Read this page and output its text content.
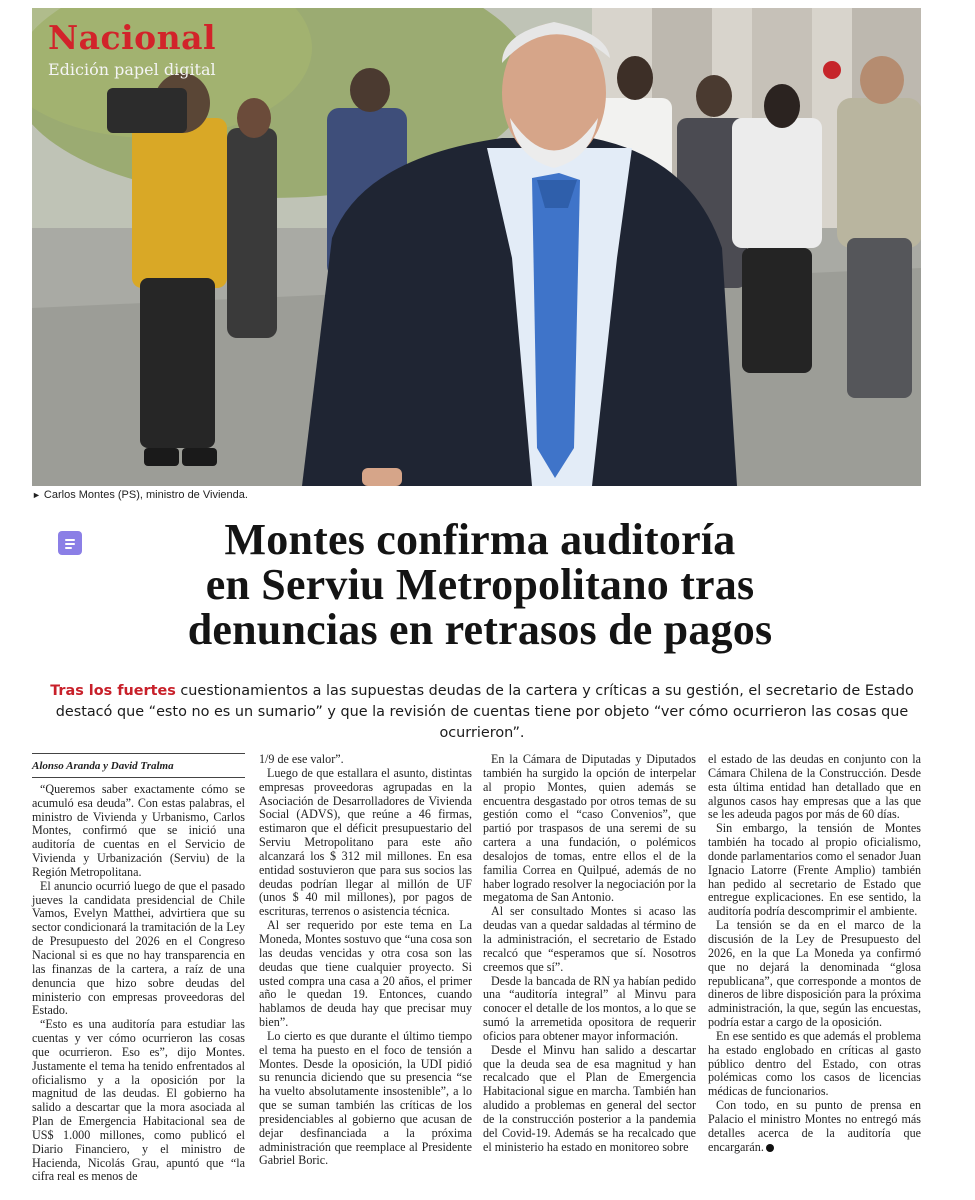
Nacional
Edición papel digital
► Carlos Montes (PS), ministro de Vivienda.
Montes confirma auditoría
en Serviu Metropolitano tras
denuncias en retrasos de pagos
Tras los fuertes cuestionamientos a las supuestas deudas de la cartera y críticas a su gestión, el secretario de Estado destacó que “esto no es un sumario” y que la revisión de cuentas tiene por objeto “ver cómo ocurrieron las cosas que ocurrieron”.

Alonso Aranda y David Tralma

“Queremos saber exactamente cómo se acumuló esa deuda”. Con estas palabras, el ministro de Vivienda y Urbanismo, Carlos Montes, confirmó que se inició una auditoría de cuentas en el Servicio de Vivienda y Urbanización (Serviu) de la Región Metropolitana.

El anuncio ocurrió luego de que el pasado jueves la candidata presidencial de Chile Vamos, Evelyn Matthei, advirtiera que su sector condicionará la tramitación de la Ley de Presupuesto del 2026 en el Congreso Nacional si es que no hay transparencia en las finanzas de la cartera, a raíz de una denuncia que hizo sobre deudas del ministerio con empresas proveedoras del Estado.

“Esto es una auditoría para estudiar las cuentas y ver cómo ocurrieron las cosas que ocurrieron. Eso es”, dijo Montes. Justamente el tema ha tenido enfrentados al oficialismo y a la oposición por la magnitud de las deudas. El gobierno ha salido a descartar que la mora asociada al Plan de Emergencia Habitacional sea de US$ 1.000 millones, como publicó el Diario Financiero, y el ministro de Hacienda, Nicolás Grau, apuntó que “la cifra real es menos de

1/9 de ese valor”.

Luego de que estallara el asunto, distintas empresas proveedoras agrupadas en la Asociación de Desarrolladores de Vivienda Social (ADVS), que reúne a 46 firmas, estimaron que el déficit presupuestario del Serviu Metropolitano para este año alcanzará los $ 312 mil millones. En esa entidad sostuvieron que para sus socios las deudas podrían llegar al millón de UF (unos $ 40 mil millones), por pagos de escrituras, terrenos o asistencia técnica.

Al ser requerido por este tema en La Moneda, Montes sostuvo que “una cosa son las deudas vencidas y otra cosa son las deudas que tiene cualquier proyecto. Si usted compra una casa a 20 años, el primer año le quedan 19. Entonces, cuando hablamos de deuda hay que precisar muy bien”.

Lo cierto es que durante el último tiempo el tema ha puesto en el foco de tensión a Montes. Desde la oposición, la UDI pidió su renuncia diciendo que su presencia “se ha vuelto absolutamente insostenible”, a lo que se suman también las críticas de los presidenciables al gobierno que acusan de dejar desfinanciada a la próxima administración que reemplace al Presidente Gabriel Boric.

En la Cámara de Diputadas y Diputados también ha surgido la opción de interpelar al propio Montes, quien además se encuentra desgastado por otros temas de su gestión como el “caso Convenios”, que partió por traspasos de una seremi de su cartera a una fundación, o polémicos desalojos de tomas, entre ellos el de la familia Correa en Quilpué, además de no haber logrado resolver la negociación por la megatoma de San Antonio.

Al ser consultado Montes si acaso las deudas van a quedar saldadas al término de la administración, el secretario de Estado recalcó que “esperamos que sí. Nosotros creemos que sí”.

Desde la bancada de RN ya habían pedido una “auditoría integral” al Minvu para conocer el detalle de los montos, a lo que se sumó la arremetida opositora de requerir oficios para obtener mayor información.

Desde el Minvu han salido a descartar que la deuda sea de esa magnitud y han recalcado que el Plan de Emergencia Habitacional sigue en marcha. También han aludido a problemas en general del sector de la construcción posterior a la pandemia del Covid-19. Además se ha recalcado que el ministerio ha estado en monitoreo sobre

el estado de las deudas en conjunto con la Cámara Chilena de la Construcción. Desde esta última entidad han detallado que en algunos casos hay empresas que a las que se les adeuda pagos por más de 60 días.

Sin embargo, la tensión de Montes también ha tocado al propio oficialismo, donde parlamentarios como el senador Juan Ignacio Latorre (Frente Amplio) también han pedido al secretario de Estado que entregue explicaciones. En ese sentido, la auditoría podría descomprimir el ambiente.

La tensión se da en el marco de la discusión de la Ley de Presupuesto del 2026, en la que La Moneda ya confirmó que no dejará la denominada “glosa republicana”, que corresponde a montos de dineros de libre disposición para la próxima administración, la que, según las encuestas, podría estar a cargo de la oposición.

En ese sentido es que además el problema ha estado englobado en críticas al gasto público dentro del Estado, con otras polémicas como los casos de licencias médicas de funcionarios.

Con todo, en su punto de prensa en Palacio el ministro Montes no entregó más detalles acerca de la auditoría que encargarán.
